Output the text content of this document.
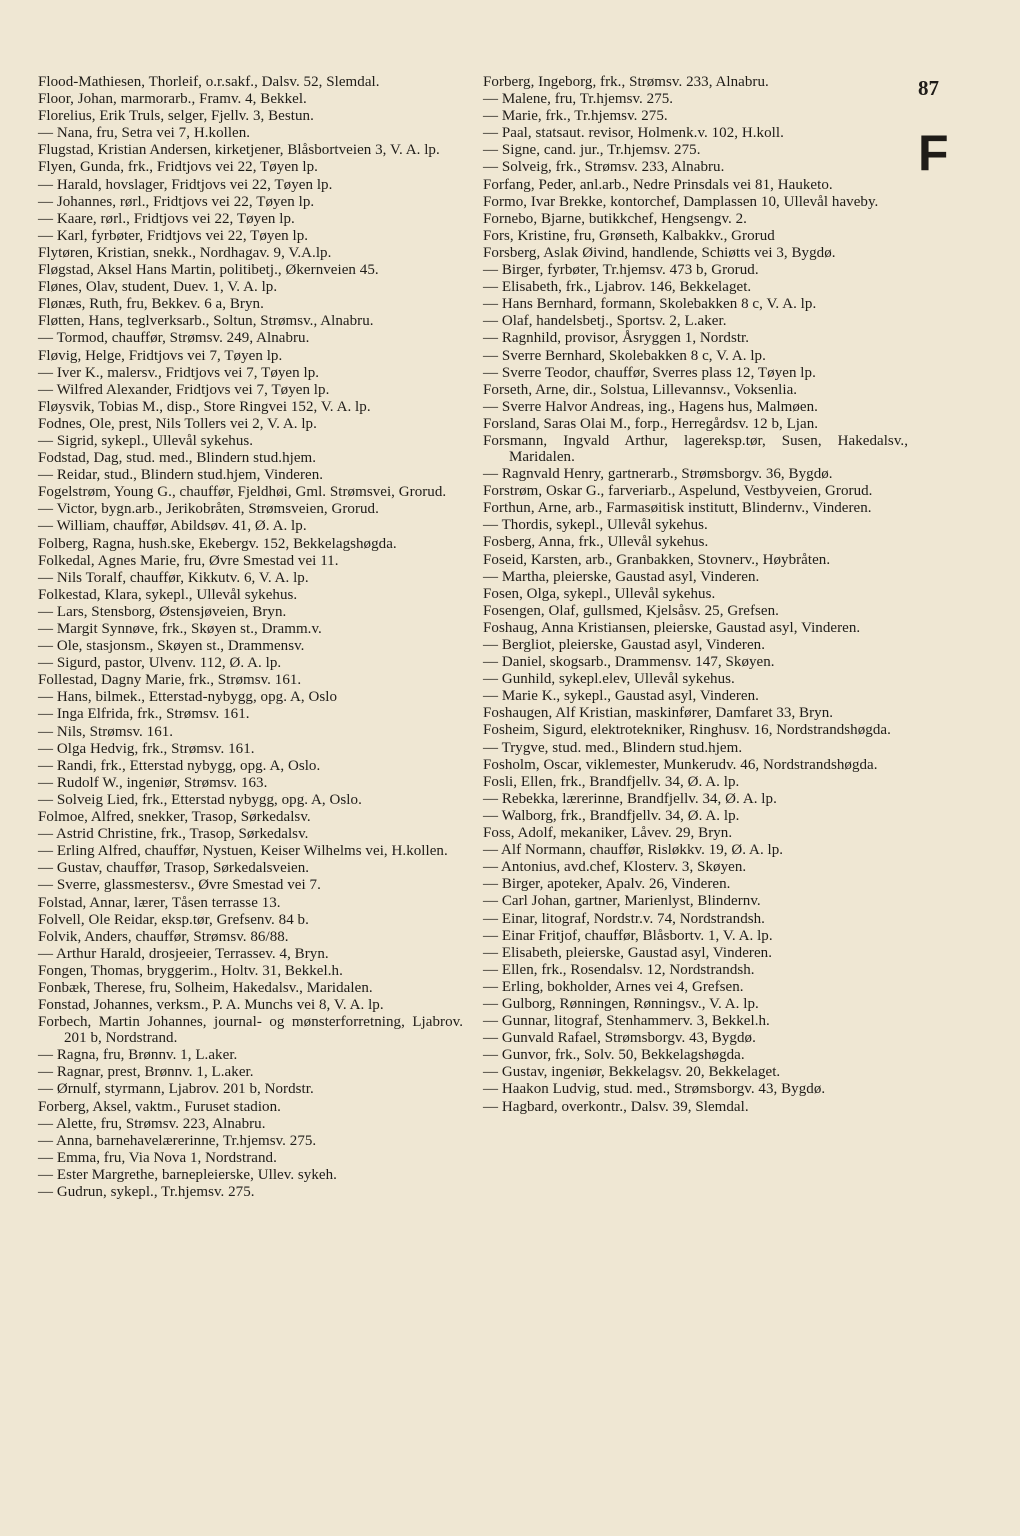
87
F

Flood-Mathiesen, Thorleif, o.r.sakf., Dalsv. 52, Slemdal.

Floor, Johan, marmorarb., Framv. 4, Bekkel.

Florelius, Erik Truls, selger, Fjellv. 3, Bestun.

— Nana, fru, Setra vei 7, H.kollen.

Flugstad, Kristian Andersen, kirketjener, Blåsbortveien 3, V. A. lp.

Flyen, Gunda, frk., Fridtjovs vei 22, Tøyen lp.

— Harald, hovslager, Fridtjovs vei 22, Tøyen lp.

— Johannes, rørl., Fridtjovs vei 22, Tøyen lp.

— Kaare, rørl., Fridtjovs vei 22, Tøyen lp.

— Karl, fyrbøter, Fridtjovs vei 22, Tøyen lp.

Flytøren, Kristian, snekk., Nordhagav. 9, V.A.lp.

Fløgstad, Aksel Hans Martin, politibetj., Økernveien 45.

Flønes, Olav, student, Duev. 1, V. A. lp.

Flønæs, Ruth, fru, Bekkev. 6 a, Bryn.

Fløtten, Hans, teglverksarb., Soltun, Strømsv., Alnabru.

— Tormod, chauffør, Strømsv. 249, Alnabru.

Fløvig, Helge, Fridtjovs vei 7, Tøyen lp.

— Iver K., malersv., Fridtjovs vei 7, Tøyen lp.

— Wilfred Alexander, Fridtjovs vei 7, Tøyen lp.

Fløysvik, Tobias M., disp., Store Ringvei 152, V. A. lp.

Fodnes, Ole, prest, Nils Tollers vei 2, V. A. lp.

— Sigrid, sykepl., Ullevål sykehus.

Fodstad, Dag, stud. med., Blindern stud.hjem.

— Reidar, stud., Blindern stud.hjem, Vinderen.

Fogelstrøm, Young G., chauffør, Fjeldhøi, Gml. Strømsvei, Grorud.

— Victor, bygn.arb., Jerikobråten, Strømsveien, Grorud.

— William, chauffør, Abildsøv. 41, Ø. A. lp.

Folberg, Ragna, hush.ske, Ekebergv. 152, Bekkelagshøgda.

Folkedal, Agnes Marie, fru, Øvre Smestad vei 11.

— Nils Toralf, chauffør, Kikkutv. 6, V. A. lp.

Folkestad, Klara, sykepl., Ullevål sykehus.

— Lars, Stensborg, Østensjøveien, Bryn.

— Margit Synnøve, frk., Skøyen st., Dramm.v.

— Ole, stasjonsm., Skøyen st., Drammensv.

— Sigurd, pastor, Ulvenv. 112, Ø. A. lp.

Follestad, Dagny Marie, frk., Strømsv. 161.

— Hans, bilmek., Etterstad-nybygg, opg. A, Oslo

— Inga Elfrida, frk., Strømsv. 161.

— Nils, Strømsv. 161.

— Olga Hedvig, frk., Strømsv. 161.

— Randi, frk., Etterstad nybygg, opg. A, Oslo.

— Rudolf W., ingeniør, Strømsv. 163.

— Solveig Lied, frk., Etterstad nybygg, opg. A, Oslo.

Folmoe, Alfred, snekker, Trasop, Sørkedalsv.

— Astrid Christine, frk., Trasop, Sørkedalsv.

— Erling Alfred, chauffør, Nystuen, Keiser Wilhelms vei, H.kollen.

— Gustav, chauffør, Trasop, Sørkedalsveien.

— Sverre, glassmestersv., Øvre Smestad vei 7.

Folstad, Annar, lærer, Tåsen terrasse 13.

Folvell, Ole Reidar, eksp.tør, Grefsenv. 84 b.

Folvik, Anders, chauffør, Strømsv. 86/88.

— Arthur Harald, drosjeeier, Terrassev. 4, Bryn.

Fongen, Thomas, bryggerim., Holtv. 31, Bekkel.h.

Fonbæk, Therese, fru, Solheim, Hakedalsv., Maridalen.

Fonstad, Johannes, verksm., P. A. Munchs vei 8, V. A. lp.

Forbech, Martin Johannes, journal- og mønsterforretning, Ljabrov. 201 b, Nordstrand.

— Ragna, fru, Brønnv. 1, L.aker.

— Ragnar, prest, Brønnv. 1, L.aker.

— Ørnulf, styrmann, Ljabrov. 201 b, Nordstr.

Forberg, Aksel, vaktm., Furuset stadion.

— Alette, fru, Strømsv. 223, Alnabru.

— Anna, barnehavelærerinne, Tr.hjemsv. 275.

— Emma, fru, Via Nova 1, Nordstrand.

— Ester Margrethe, barnepleierske, Ullev. sykeh.

— Gudrun, sykepl., Tr.hjemsv. 275.

Forberg, Ingeborg, frk., Strømsv. 233, Alnabru.

— Malene, fru, Tr.hjemsv. 275.

— Marie, frk., Tr.hjemsv. 275.

— Paal, statsaut. revisor, Holmenk.v. 102, H.koll.

— Signe, cand. jur., Tr.hjemsv. 275.

— Solveig, frk., Strømsv. 233, Alnabru.

Forfang, Peder, anl.arb., Nedre Prinsdals vei 81, Hauketo.

Formo, Ivar Brekke, kontorchef, Damplassen 10, Ullevål haveby.

Fornebo, Bjarne, butikkchef, Hengsengv. 2.

Fors, Kristine, fru, Grønseth, Kalbakkv., Grorud

Forsberg, Aslak Øivind, handlende, Schiøtts vei 3, Bygdø.

— Birger, fyrbøter, Tr.hjemsv. 473 b, Grorud.

— Elisabeth, frk., Ljabrov. 146, Bekkelaget.

— Hans Bernhard, formann, Skolebakken 8 c, V. A. lp.

— Olaf, handelsbetj., Sportsv. 2, L.aker.

— Ragnhild, provisor, Åsryggen 1, Nordstr.

— Sverre Bernhard, Skolebakken 8 c, V. A. lp.

— Sverre Teodor, chauffør, Sverres plass 12, Tøyen lp.

Forseth, Arne, dir., Solstua, Lillevannsv., Voksenlia.

— Sverre Halvor Andreas, ing., Hagens hus, Malmøen.

Forsland, Saras Olai M., forp., Herregårdsv. 12 b, Ljan.

Forsmann, Ingvald Arthur, lagereksp.tør, Susen, Hakedalsv., Maridalen.

— Ragnvald Henry, gartnerarb., Strømsborgv. 36, Bygdø.

Forstrøm, Oskar G., farveriarb., Aspelund, Vestbyveien, Grorud.

Forthun, Arne, arb., Farmasøitisk institutt, Blindernv., Vinderen.

— Thordis, sykepl., Ullevål sykehus.

Fosberg, Anna, frk., Ullevål sykehus.

Foseid, Karsten, arb., Granbakken, Stovnerv., Høybråten.

— Martha, pleierske, Gaustad asyl, Vinderen.

Fosen, Olga, sykepl., Ullevål sykehus.

Fosengen, Olaf, gullsmed, Kjelsåsv. 25, Grefsen.

Foshaug, Anna Kristiansen, pleierske, Gaustad asyl, Vinderen.

— Bergliot, pleierske, Gaustad asyl, Vinderen.

— Daniel, skogsarb., Drammensv. 147, Skøyen.

— Gunhild, sykepl.elev, Ullevål sykehus.

— Marie K., sykepl., Gaustad asyl, Vinderen.

Foshaugen, Alf Kristian, maskinfører, Damfaret 33, Bryn.

Fosheim, Sigurd, elektrotekniker, Ringhusv. 16, Nordstrandshøgda.

— Trygve, stud. med., Blindern stud.hjem.

Fosholm, Oscar, viklemester, Munkerudv. 46, Nordstrandshøgda.

Fosli, Ellen, frk., Brandfjellv. 34, Ø. A. lp.

— Rebekka, lærerinne, Brandfjellv. 34, Ø. A. lp.

— Walborg, frk., Brandfjellv. 34, Ø. A. lp.

Foss, Adolf, mekaniker, Låvev. 29, Bryn.

— Alf Normann, chauffør, Risløkkv. 19, Ø. A. lp.

— Antonius, avd.chef, Klosterv. 3, Skøyen.

— Birger, apoteker, Apalv. 26, Vinderen.

— Carl Johan, gartner, Marienlyst, Blindernv.

— Einar, litograf, Nordstr.v. 74, Nordstrandsh.

— Einar Fritjof, chauffør, Blåsbortv. 1, V. A. lp.

— Elisabeth, pleierske, Gaustad asyl, Vinderen.

— Ellen, frk., Rosendalsv. 12, Nordstrandsh.

— Erling, bokholder, Arnes vei 4, Grefsen.

— Gulborg, Rønningen, Rønningsv., V. A. lp.

— Gunnar, litograf, Stenhammerv. 3, Bekkel.h.

— Gunvald Rafael, Strømsborgv. 43, Bygdø.

— Gunvor, frk., Solv. 50, Bekkelagshøgda.

— Gustav, ingeniør, Bekkelagsv. 20, Bekkelaget.

— Haakon Ludvig, stud. med., Strømsborgv. 43, Bygdø.

— Hagbard, overkontr., Dalsv. 39, Slemdal.
